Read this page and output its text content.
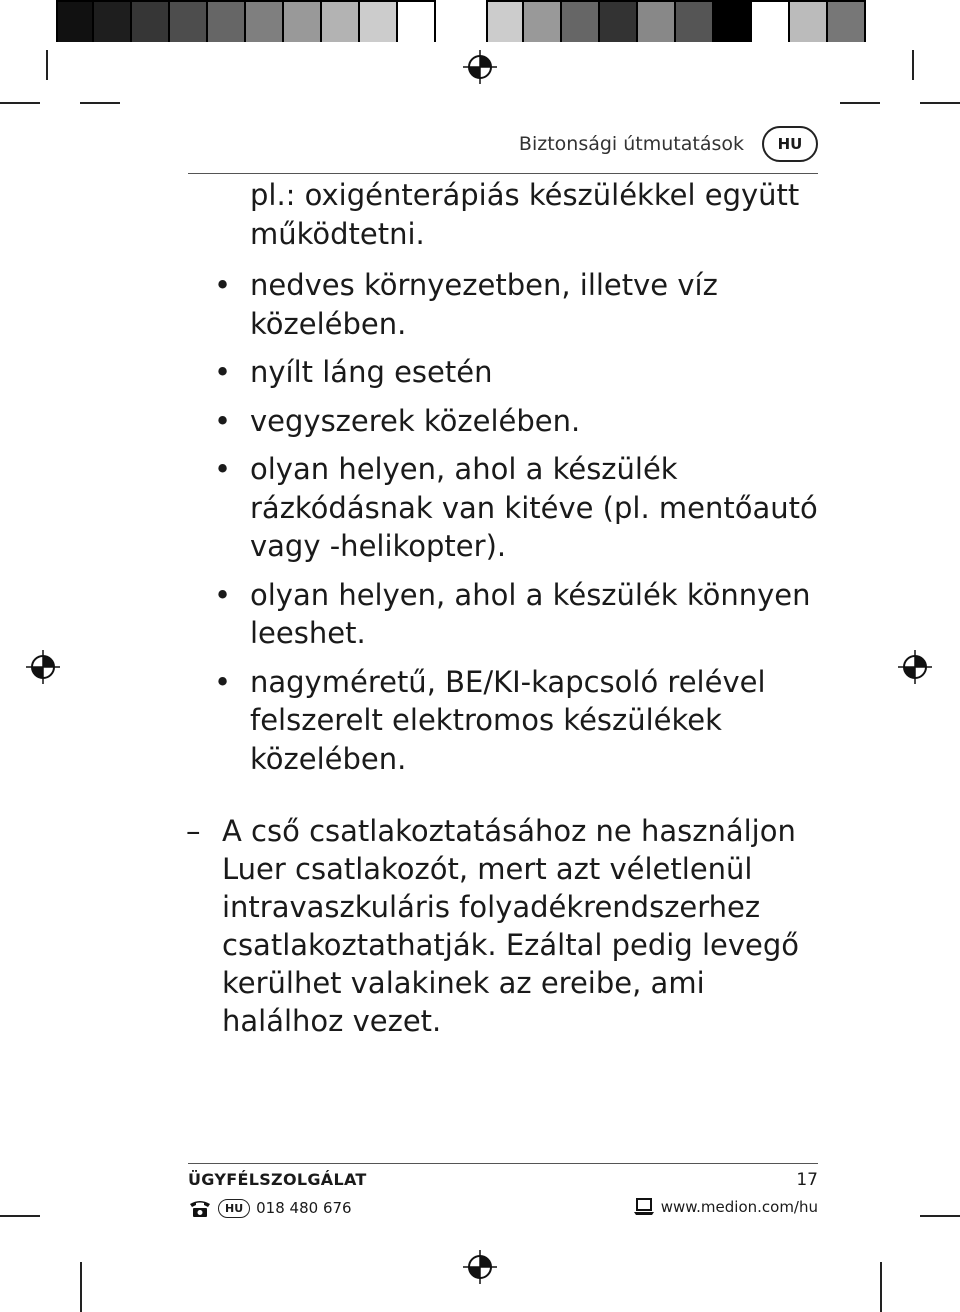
Biztonsági útmutatások	HU
pl.: oxigénterápiás készülékkel együtt működtetni.
• nedves környezetben, illetve víz közelében.
• nyílt láng esetén
• vegyszerek közelében.
• olyan helyen, ahol a készülék rázkódásnak van kitéve (pl. mentőautó vagy -helikopter).
• olyan helyen, ahol a készülék könnyen leeshet.
• nagyméretű, BE/KI-kapcsoló relével felszerelt elektromos készülékek közelében.
– A cső csatlakoztatásához ne használjon Luer csatlakozót, mert azt véletlenül intravaszkuláris folyadékrendszerhez csatlakoztathatják. Ezáltal pedig levegő kerülhet valakinek az ereibe, ami halálhoz vezet.
ÜGYFÉLSZOLGÁLAT	17
HU 018 480 676	www.medion.com/hu
